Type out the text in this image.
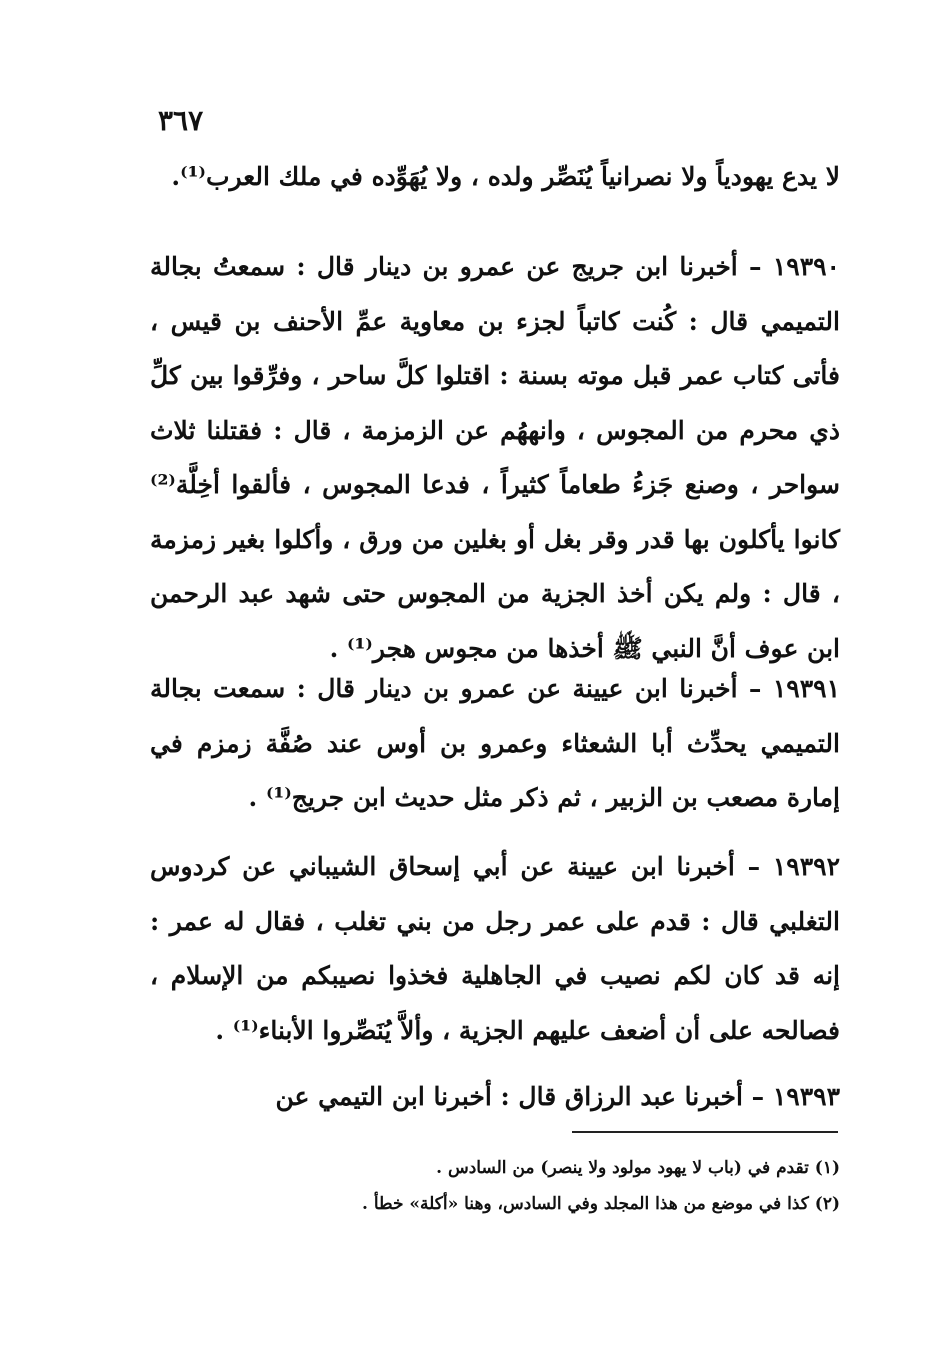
٣٦٧

لا يدع يهودياً ولا نصرانياً يُنَصِّر ولده ، ولا يُهَوِّده في ملك العرب⁽¹⁾.

١٩٣٩٠ – أخبرنا ابن جريج عن عمرو بن دينار قال : سمعتُ بجالة التميمي قال : كُنت كاتباً لجزء بن معاوية عمِّ الأحنف بن قيس ، فأتى كتاب عمر قبل موته بسنة : اقتلوا كلَّ ساحر ، وفرِّقوا بين كلِّ ذي محرم من المجوس ، وانههُم عن الزمزمة ، قال : فقتلنا ثلاث سواحر ، وصنع جَزءُ طعاماً كثيراً ، فدعا المجوس ، فألقوا أخِلَّة⁽²⁾ كانوا يأكلون بها قدر وقر بغل أو بغلين من ورق ، وأكلوا بغير زمزمة ، قال : ولم يكن أخذ الجزية من المجوس حتى شهد عبد الرحمن ابن عوف أنَّ النبي ﷺ أخذها من مجوس هجر⁽¹⁾ .

١٩٣٩١ – أخبرنا ابن عيينة عن عمرو بن دينار قال : سمعت بجالة التميمي يحدِّث أبا الشعثاء وعمرو بن أوس عند صُفَّة زمزم في إمارة مصعب بن الزبير ، ثم ذكر مثل حديث ابن جريج⁽¹⁾ .

١٩٣٩٢ – أخبرنا ابن عيينة عن أبي إسحاق الشيباني عن كردوس التغلبي قال : قدم على عمر رجل من بني تغلب ، فقال له عمر : إنه قد كان لكم نصيب في الجاهلية فخذوا نصيبكم من الإسلام ، فصالحه على أن أضعف عليهم الجزية ، وألاَّ يُنَصِّروا الأبناء⁽¹⁾ .

١٩٣٩٣ – أخبرنا عبد الرزاق قال : أخبرنا ابن التيمي عن

(١) تقدم في (باب لا يهود مولود ولا ينصر) من السادس .

(٢) كذا في موضع من هذا المجلد وفي السادس، وهنا «أكلة» خطأ .
